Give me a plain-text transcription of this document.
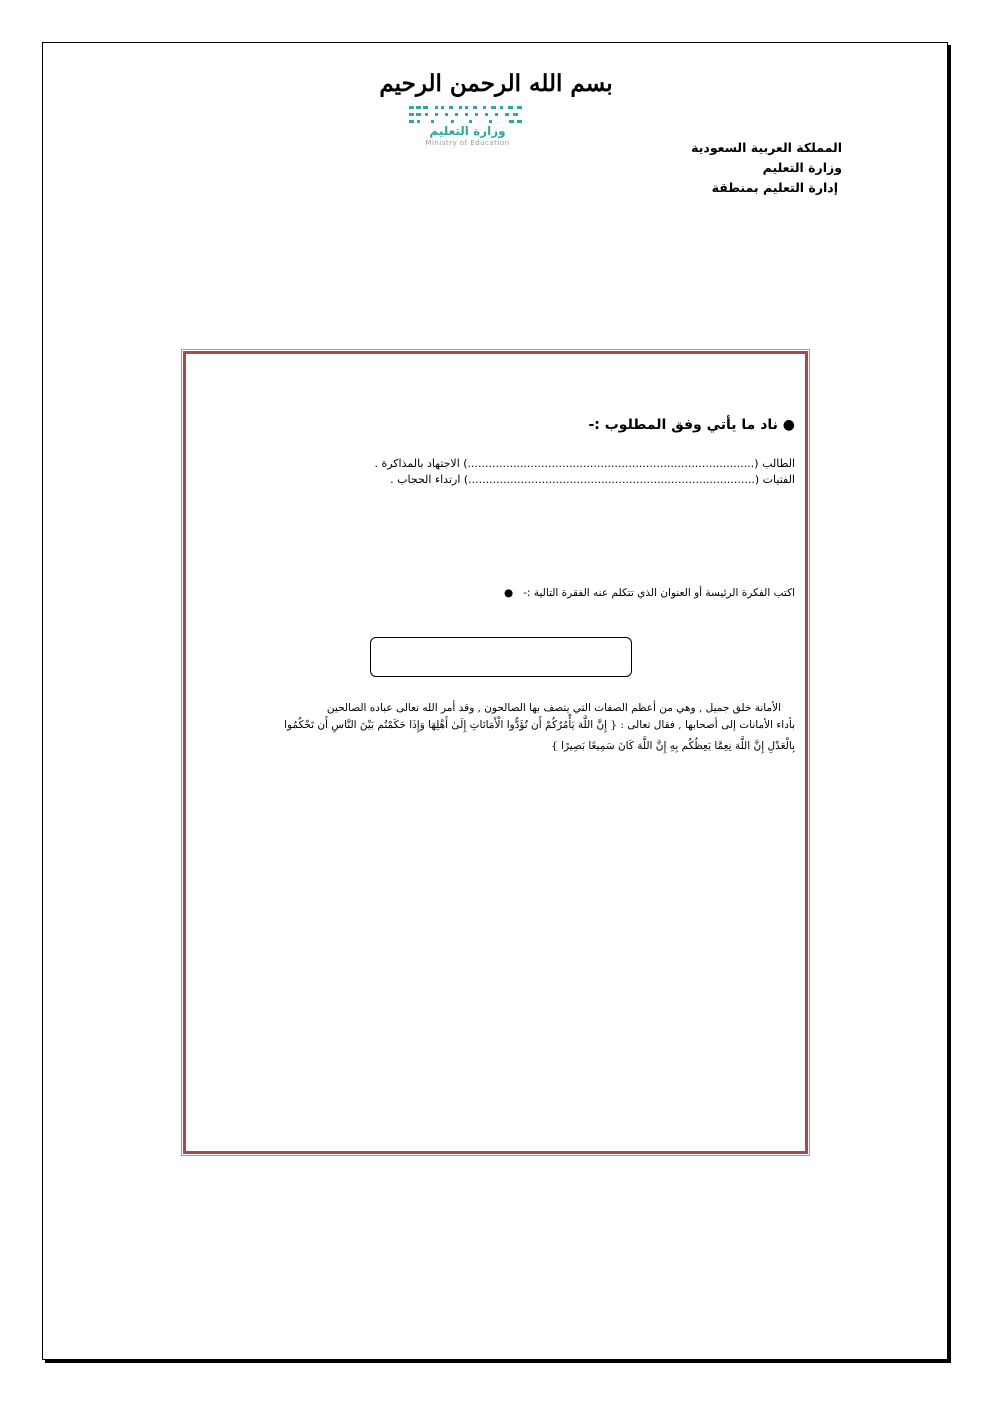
بسم الله الرحمن الرحيم
وزارة التعليم
Ministry of Education	المملكة العربية السعودية
وزارة التعليم
إدارة التعليم بمنطقة
● ناد ما يأتي وفق المطلوب :-
الطالب (..................................................................................) الاجتهاد بالمذاكرة .
الفتيات (..................................................................................) ارتداء الحجاب .
اكتب الفكرة الرئيسة أو العنوان الذي تتكلم عنه الفقرة التالية :-   ●
الأمانة خلق جميل , وهي من أعظم الصفات التي يتصف بها الصالحون , وقد أمر الله تعالى عباده الصالحين
بأداء الأمانات إلى أصحابها , فقال تعالى : { إِنَّ اللَّهَ يَأْمُرُكُمْ أَن تُؤَدُّوا الْأَمَانَاتِ إِلَىٰ أَهْلِهَا وَإِذَا حَكَمْتُم بَيْنَ النَّاسِ أَن تَحْكُمُوا
بِالْعَدْلِ إِنَّ اللَّهَ نِعِمَّا يَعِظُكُم بِهِ إِنَّ اللَّهَ كَانَ سَمِيعًا بَصِيرًا }
